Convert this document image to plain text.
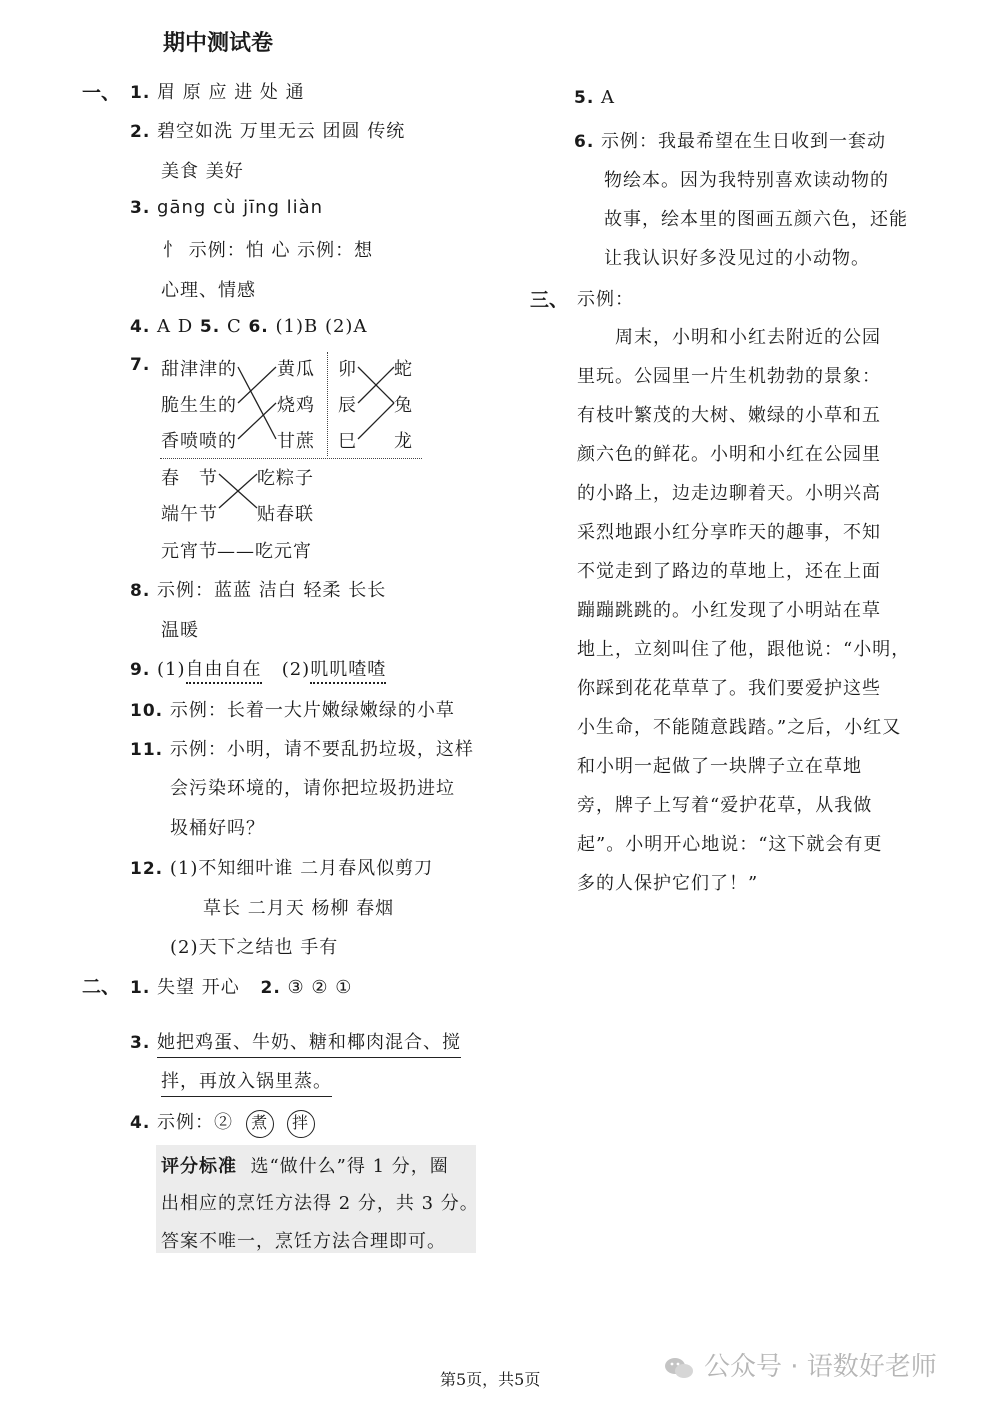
期中测试卷
一、 1. 眉 原 应 进 处 通
2. 碧空如洗 万里无云 团圆 传统
美食 美好
3. gāng cù jīng liàn
忄 示例：怕 心 示例：想
心理、情感
4. A D 5. C 6. (1)B (2)A
7. 甜津津的
脆生生的
香喷喷的
黄瓜
烧鸡
甘蔗
卯
辰
巳
蛇
兔
龙
春　节
端午节
元宵节
吃粽子
贴春联
——吃元宵
8. 示例：蓝蓝 洁白 轻柔 长长
温暖
9. (1)自由自在   (2)叽叽喳喳
10. 示例：长着一大片嫩绿嫩绿的小草
11. 示例：小明，请不要乱扔垃圾，这样
会污染环境的，请你把垃圾扔进垃
圾桶好吗？
12. (1)不知细叶谁 二月春风似剪刀
草长 二月天 杨柳 春烟
(2)天下之结也 手有
二、 1. 失望 开心 2. ③ ② ①
3. 她把鸡蛋、牛奶、糖和椰肉混合、搅
拌，再放入锅里蒸。
4. 示例：② 煮 拌
评分标准  选“做什么”得 1 分，圈
出相应的烹饪方法得 2 分，共 3 分。
答案不唯一，烹饪方法合理即可。
5. A
6. 示例：我最希望在生日收到一套动
物绘本。因为我特别喜欢读动物的
故事，绘本里的图画五颜六色，还能
让我认识好多没见过的小动物。
三、 示例：
　　周末，小明和小红去附近的公园
里玩。公园里一片生机勃勃的景象：
有枝叶繁茂的大树、嫩绿的小草和五
颜六色的鲜花。小明和小红在公园里
的小路上，边走边聊着天。小明兴高
采烈地跟小红分享昨天的趣事，不知
不觉走到了路边的草地上，还在上面
蹦蹦跳跳的。小红发现了小明站在草
地上，立刻叫住了他，跟他说：“小明，
你踩到花花草草了。我们要爱护这些
小生命，不能随意践踏。”之后，小红又
和小明一起做了一块牌子立在草地
旁，牌子上写着“爱护花草，从我做
起”。小明开心地说：“这下就会有更
多的人保护它们了！”
公众号 · 语数好老师
第5页，共5页
